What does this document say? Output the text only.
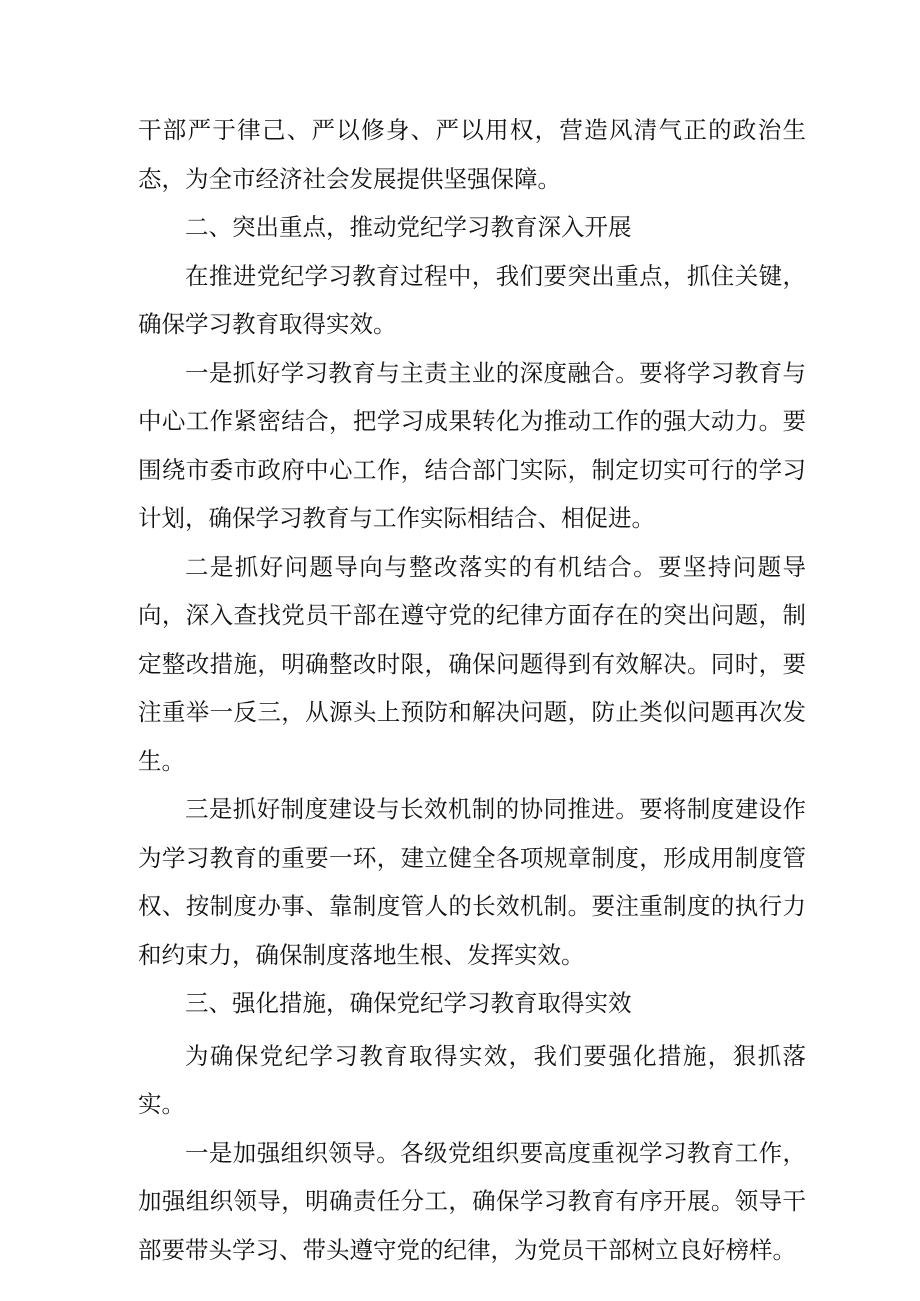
干部严于律己、严以修身、严以用权，营造风清气正的政治生态，为全市经济社会发展提供坚强保障。

二、突出重点，推动党纪学习教育深入开展

在推进党纪学习教育过程中，我们要突出重点，抓住关键，确保学习教育取得实效。

一是抓好学习教育与主责主业的深度融合。要将学习教育与中心工作紧密结合，把学习成果转化为推动工作的强大动力。要围绕市委市政府中心工作，结合部门实际，制定切实可行的学习计划，确保学习教育与工作实际相结合、相促进。

二是抓好问题导向与整改落实的有机结合。要坚持问题导向，深入查找党员干部在遵守党的纪律方面存在的突出问题，制定整改措施，明确整改时限，确保问题得到有效解决。同时，要注重举一反三，从源头上预防和解决问题，防止类似问题再次发生。

三是抓好制度建设与长效机制的协同推进。要将制度建设作为学习教育的重要一环，建立健全各项规章制度，形成用制度管权、按制度办事、靠制度管人的长效机制。要注重制度的执行力和约束力，确保制度落地生根、发挥实效。

三、强化措施，确保党纪学习教育取得实效

为确保党纪学习教育取得实效，我们要强化措施，狠抓落实。

一是加强组织领导。各级党组织要高度重视学习教育工作，加强组织领导，明确责任分工，确保学习教育有序开展。领导干部要带头学习、带头遵守党的纪律，为党员干部树立良好榜样。
